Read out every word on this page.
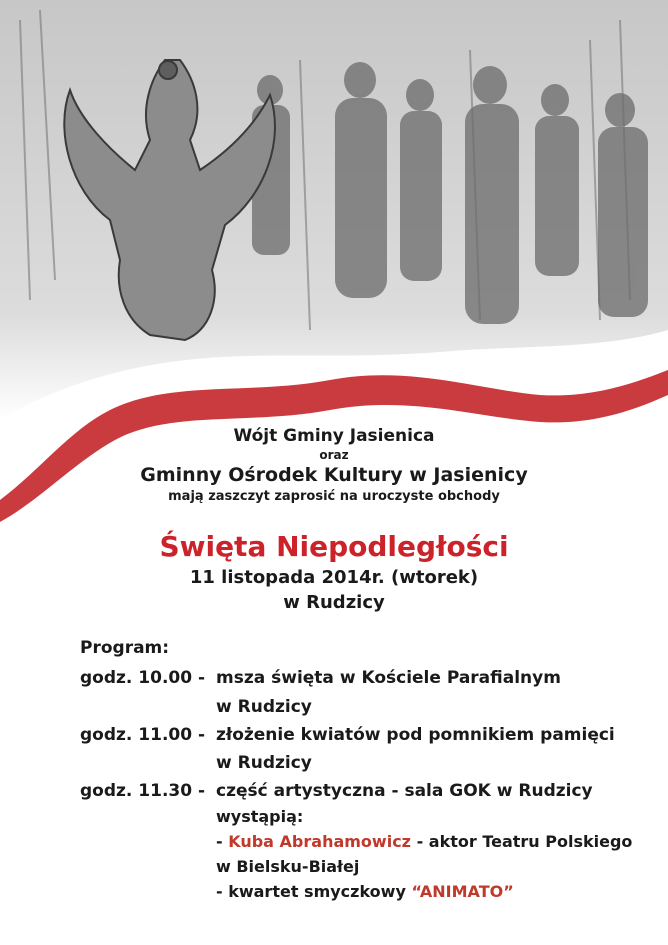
Wójt Gminy Jasienica
oraz
Gminny Ośrodek Kultury w Jasienicy
mają zaszczyt zaprosić na uroczyste obchody
Święta Niepodległości
11 listopada 2014r. (wtorek)
w Rudzicy
Program:
godz. 10.00 - msza święta w Kościele Parafialnym
w Rudzicy
godz. 11.00 - złożenie kwiatów pod pomnikiem pamięci
w Rudzicy
godz. 11.30 - część artystyczna - sala GOK w Rudzicy
wystąpią:
- Kuba Abrahamowicz - aktor Teatru Polskiego
w Bielsku-Białej
- kwartet smyczkowy “ANIMATO”
